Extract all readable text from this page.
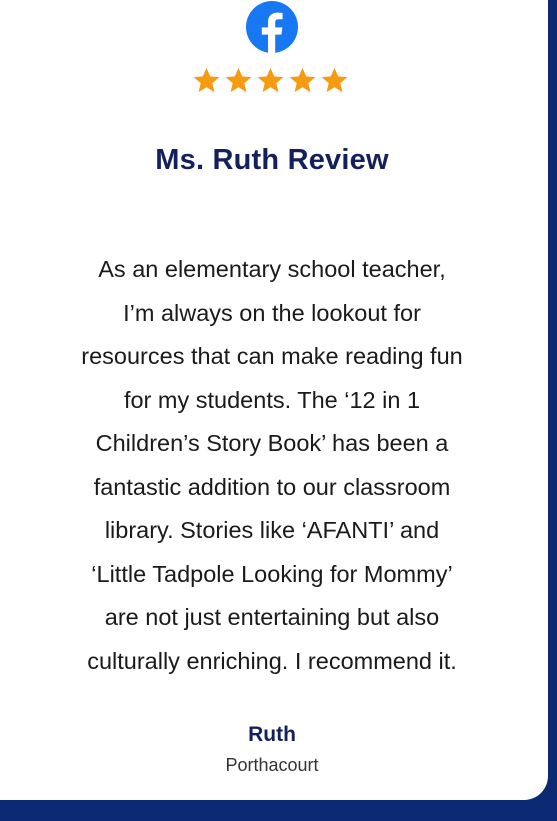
Ms. Ruth Review

As an elementary school teacher,
I’m always on the lookout for
resources that can make reading fun
for my students. The ‘12 in 1
Children’s Story Book’ has been a
fantastic addition to our classroom
library. Stories like ‘AFANTI’ and
‘Little Tadpole Looking for Mommy’
are not just entertaining but also
culturally enriching. I recommend it.

Ruth
Porthacourt
